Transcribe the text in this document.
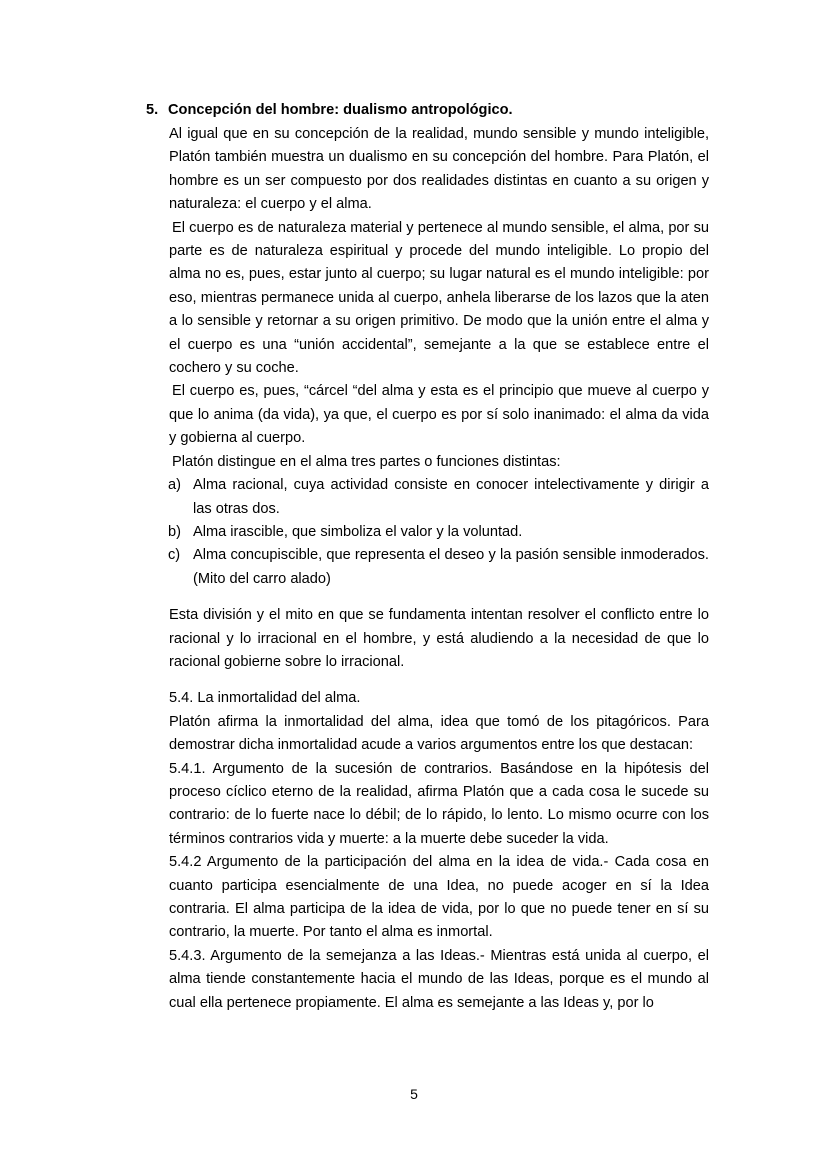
5. Concepción del hombre: dualismo antropológico.

Al igual que en su concepción de la realidad, mundo sensible y mundo inteligible, Platón también muestra un dualismo en su concepción del hombre. Para Platón, el hombre es un ser compuesto por dos realidades distintas en cuanto a su origen y naturaleza: el cuerpo y el alma.

El cuerpo es de naturaleza material y pertenece al mundo sensible, el alma, por su parte es de naturaleza espiritual y procede del mundo inteligible. Lo propio del alma no es, pues, estar junto al cuerpo; su lugar natural es el mundo inteligible: por eso, mientras permanece unida al cuerpo, anhela liberarse de los lazos que la aten a lo sensible y retornar a su origen primitivo. De modo que la unión entre el alma y el cuerpo es una “unión accidental”, semejante a la que se establece entre el cochero y su coche.

El cuerpo es, pues, “cárcel “del alma y esta es el principio que mueve al cuerpo y que lo anima (da vida), ya que, el cuerpo es por sí solo inanimado: el alma da vida y gobierna al cuerpo.

Platón distingue en el alma tres partes o funciones distintas:

a) Alma racional, cuya actividad consiste en conocer intelectivamente y dirigir a las otras dos.
b) Alma irascible, que simboliza el valor y la voluntad.
c) Alma concupiscible, que representa el deseo y la pasión sensible inmoderados. (Mito del carro alado)

Esta división y el mito en que se fundamenta intentan resolver el conflicto entre lo racional y lo irracional en el hombre, y está aludiendo a la necesidad de que lo racional gobierne sobre lo irracional.

5.4. La inmortalidad del alma.

Platón afirma la inmortalidad del alma, idea que tomó de los pitagóricos. Para demostrar dicha inmortalidad acude a varios argumentos entre los que destacan:

5.4.1. Argumento de la sucesión de contrarios. Basándose en la hipótesis del proceso cíclico eterno de la realidad, afirma Platón que a cada cosa le sucede su contrario: de lo fuerte nace lo débil; de lo rápido, lo lento. Lo mismo ocurre con los términos contrarios vida y muerte: a la muerte debe suceder la vida.

5.4.2 Argumento de la participación del alma en la idea de vida.- Cada cosa en cuanto participa esencialmente de una Idea, no puede acoger en sí la Idea contraria. El alma participa de la idea de vida, por lo que no puede tener en sí su contrario, la muerte. Por tanto el alma es inmortal.

5.4.3. Argumento de la semejanza a las Ideas.- Mientras está unida al cuerpo, el alma tiende constantemente hacia el mundo de las Ideas, porque es el mundo al cual ella pertenece propiamente. El alma es semejante a las Ideas y, por lo

5
